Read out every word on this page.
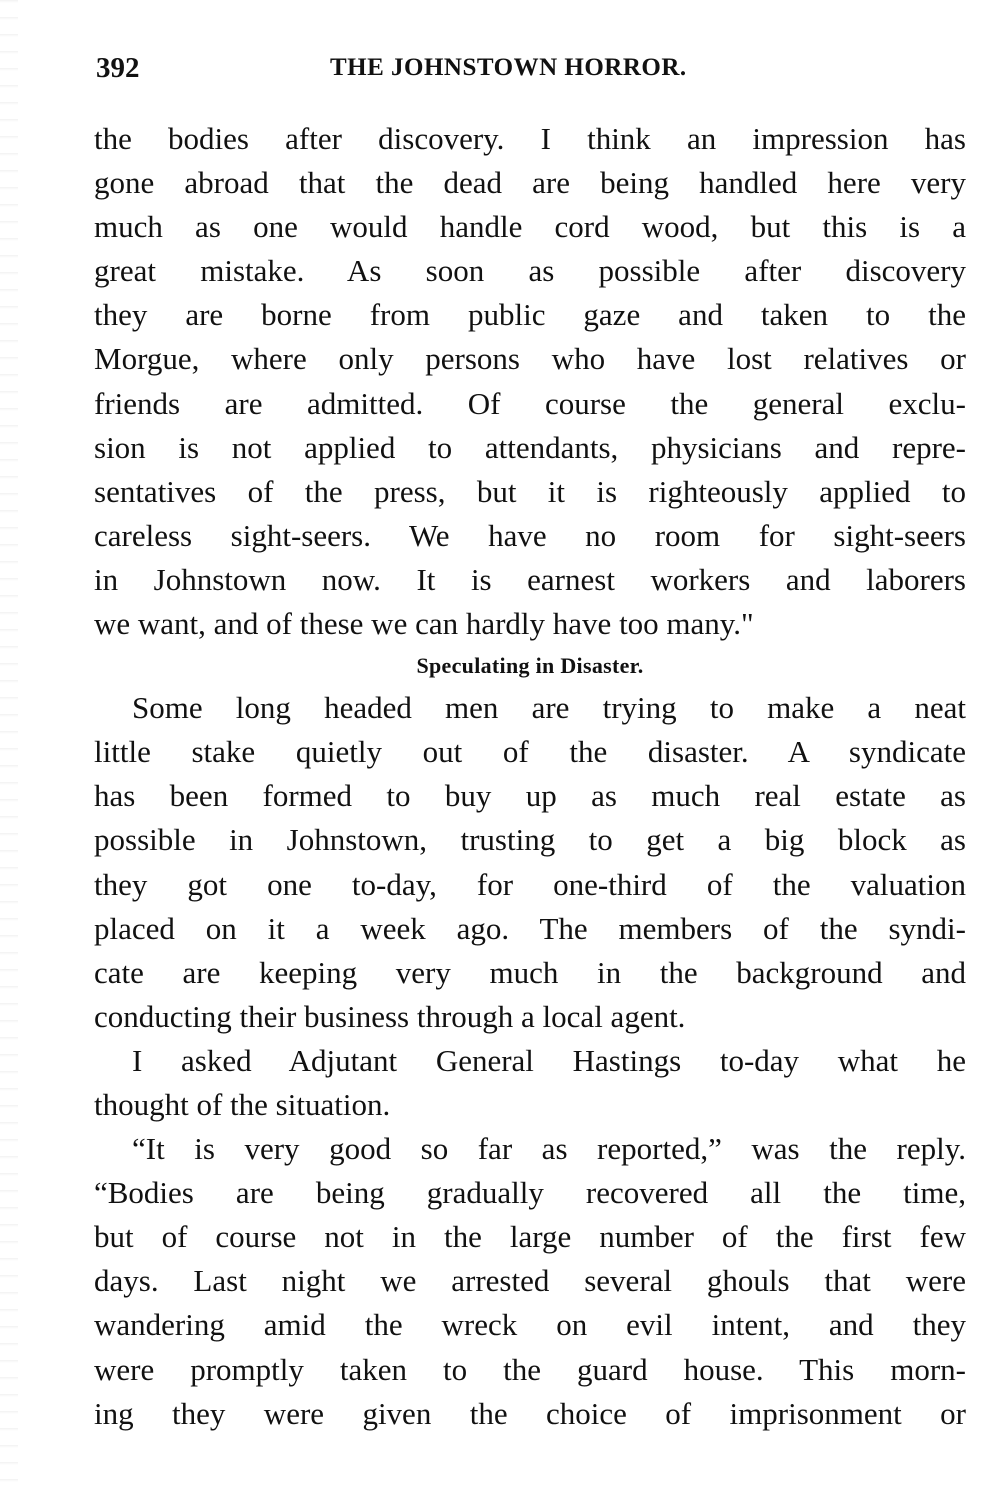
392	THE JOHNSTOWN HORROR.
the bodies after discovery. I think an impression has
gone abroad that the dead are being handled here very
much as one would handle cord wood, but this is a
great mistake. As soon as possible after discovery
they are borne from public gaze and taken to the
Morgue, where only persons who have lost relatives or
friends are admitted. Of course the general exclu-
sion is not applied to attendants, physicians and repre-
sentatives of the press, but it is righteously applied to
careless sight-seers. We have no room for sight-seers
in Johnstown now. It is earnest workers and laborers
we want, and of these we can hardly have too many."
Speculating in Disaster.
Some long headed men are trying to make a neat
little stake quietly out of the disaster. A syndicate
has been formed to buy up as much real estate as
possible in Johnstown, trusting to get a big block as
they got one to-day, for one-third of the valuation
placed on it a week ago. The members of the syndi-
cate are keeping very much in the background and
conducting their business through a local agent.
I asked Adjutant General Hastings to-day what he
thought of the situation.
“It is very good so far as reported,” was the reply.
“Bodies are being gradually recovered all the time,
but of course not in the large number of the first few
days. Last night we arrested several ghouls that were
wandering amid the wreck on evil intent, and they
were promptly taken to the guard house. This morn-
ing they were given the choice of imprisonment or
